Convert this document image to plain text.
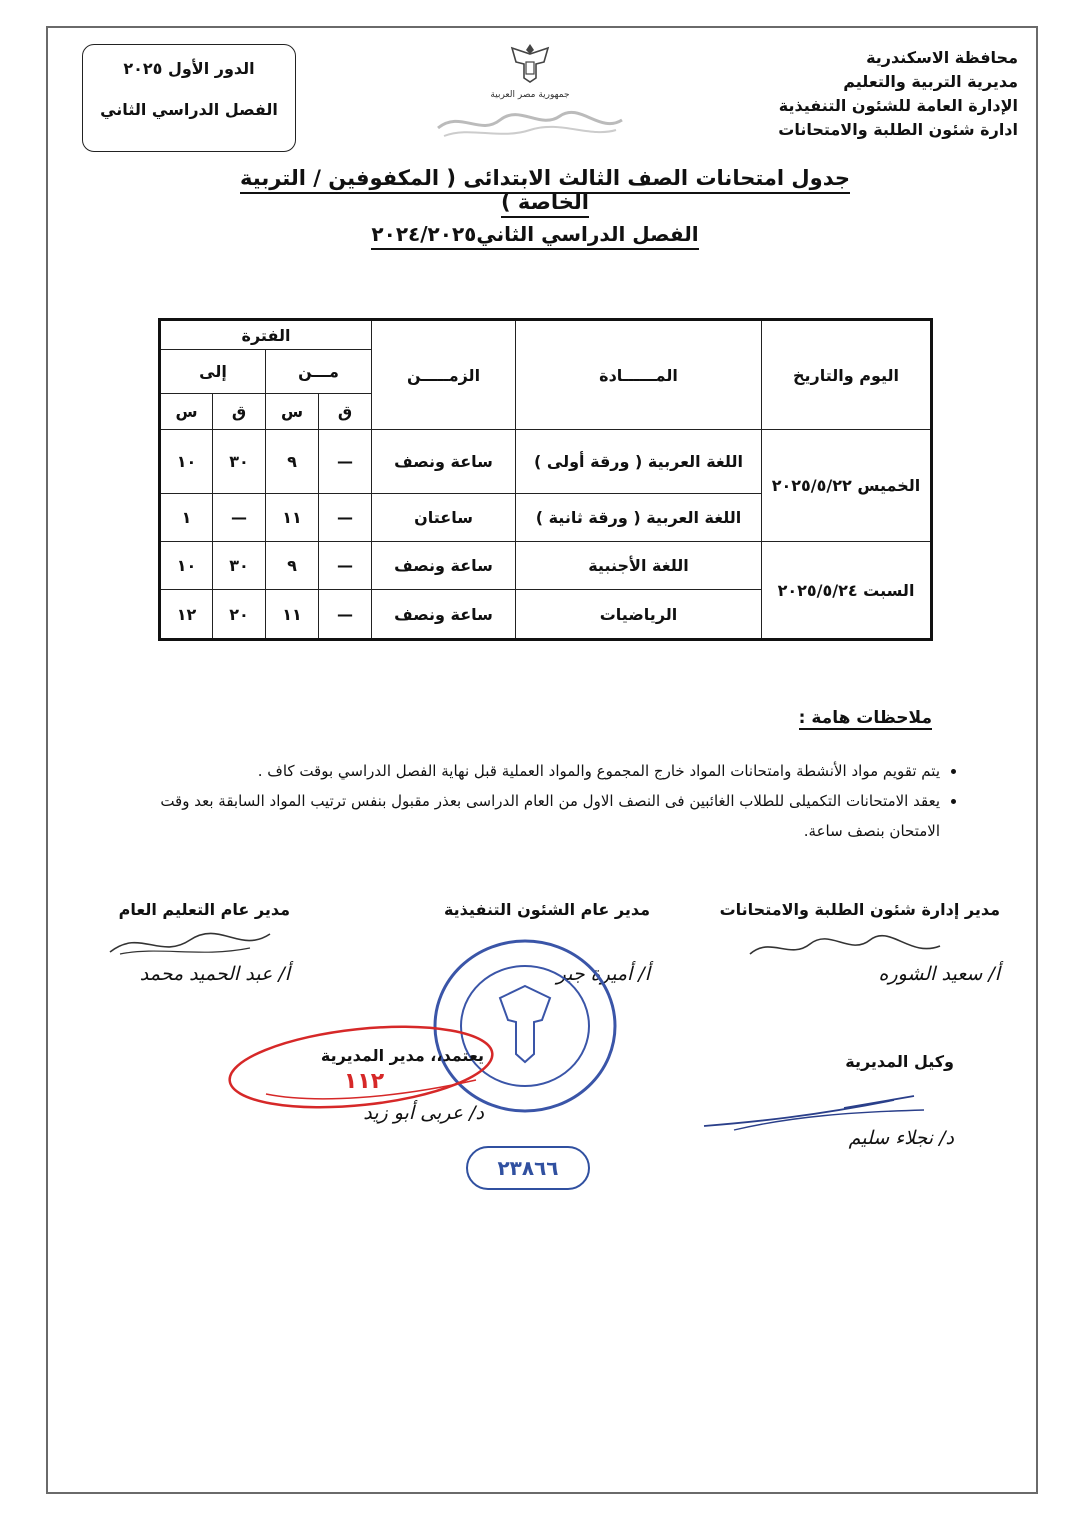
محافظة الاسكندرية
مديرية التربية والتعليم
الإدارة العامة للشئون التنفيذية
ادارة شئون الطلبة والامتحانات
جمهورية مصر العربية
الدور الأول ٢٠٢٥
الفصل الدراسي الثاني
جدول امتحانات الصف الثالث الابتدائى ( المكفوفين / التربية الخاصة )
الفصل الدراسي الثاني٢٠٢٤/٢٠٢٥
اليوم والتاريخ	المــــــادة	الزمـــــن	الفترة			
			مـــن		إلى	
			ق	س	ق	س
الخميس ٢٠٢٥/٥/٢٢	اللغة العربية ( ورقة أولى )	ساعة ونصف	—	٩	٣٠	١٠
	اللغة العربية ( ورقة ثانية )	ساعتان	—	١١	—	١
السبت ٢٠٢٥/٥/٢٤	اللغة الأجنبية	ساعة ونصف	—	٩	٣٠	١٠
	الرياضيات	ساعة ونصف	—	١١	٢٠	١٢
ملاحظات هامة :
• يتم تقويم مواد الأنشطة وامتحانات المواد خارج المجموع والمواد العملية قبل نهاية الفصل الدراسي بوقت كاف .
• يعقد الامتحانات التكميلى للطلاب الغائبين فى النصف الاول من العام الدراسى بعذر مقبول بنفس ترتيب المواد السابقة بعد وقت الامتحان بنصف ساعة.
مدير إدارة شئون الطلبة والامتحانات
أ/ سعيد الشوره
مدير عام الشئون التنفيذية
أ/ أميرة جبر
مدير عام التعليم العام
أ/ عبد الحميد محمد
وكيل المديرية
د/ نجلاء سليم
يعتمد،، مدير المديرية
١١٢
د/ عربى أبو زيد
٢٣٨٦٦
